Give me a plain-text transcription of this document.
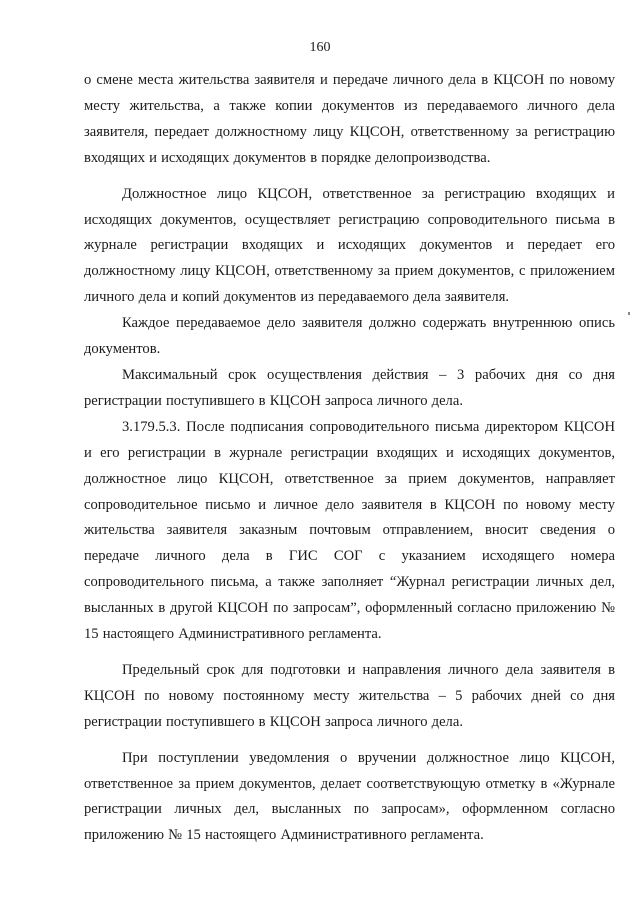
160

о смене места жительства заявителя и передаче личного дела в КЦСОН по новому месту жительства, а также копии документов из передаваемого личного дела заявителя, передает должностному лицу КЦСОН, ответственному за регистрацию входящих и исходящих документов в порядке делопроизводства.

Должностное лицо КЦСОН, ответственное за регистрацию входящих и исходящих документов, осуществляет регистрацию сопроводительного письма в журнале регистрации входящих и исходящих документов и передает его должностному лицу КЦСОН, ответственному за прием документов, с приложением личного дела и копий документов из передаваемого дела заявителя.

Каждое передаваемое дело заявителя должно содержать внутреннюю опись документов.

Максимальный срок осуществления действия – 3 рабочих дня со дня регистрации поступившего в КЦСОН запроса личного дела.

3.179.5.3. После подписания сопроводительного письма директором КЦСОН и его регистрации в журнале регистрации входящих и исходящих документов, должностное лицо КЦСОН, ответственное за прием документов, направляет сопроводительное письмо и личное дело заявителя в КЦСОН по новому месту жительства заявителя заказным почтовым отправлением, вносит сведения о передаче личного дела в ГИС СОГ с указанием исходящего номера сопроводительного письма, а также заполняет “Журнал регистрации личных дел, высланных в другой КЦСОН по запросам”, оформленный согласно приложению № 15 настоящего Административного регламента.

Предельный срок для подготовки и направления личного дела заявителя в КЦСОН по новому постоянному месту жительства – 5 рабочих дней со дня регистрации поступившего в КЦСОН запроса личного дела.

При поступлении уведомления о вручении должностное лицо КЦСОН, ответственное за прием документов, делает соответствующую отметку в «Журнале регистрации личных дел, высланных по запросам», оформленном согласно приложению № 15 настоящего Административного регламента.
